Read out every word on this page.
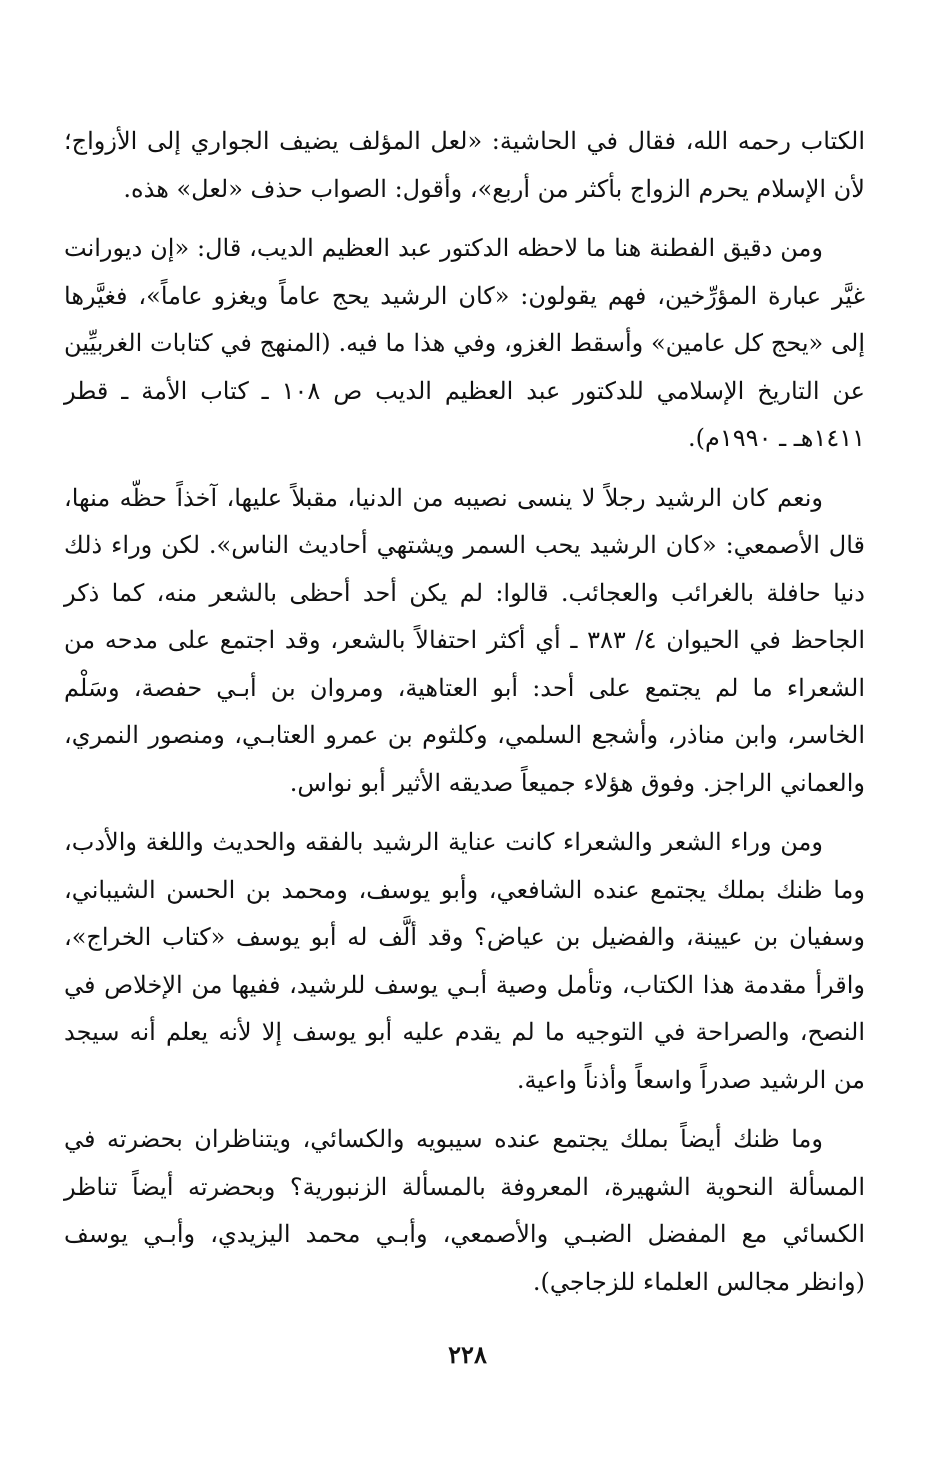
الكتاب رحمه الله، فقال في الحاشية: «لعل المؤلف يضيف الجواري إلى الأزواج؛ لأن الإسلام يحرم الزواج بأكثر من أربع»، وأقول: الصواب حذف «لعل» هذه.

ومن دقيق الفطنة هنا ما لاحظه الدكتور عبد العظيم الديب، قال: «إن ديورانت غيَّر عبارة المؤرِّخين، فهم يقولون: «كان الرشيد يحج عاماً ويغزو عاماً»، فغيَّرها إلى «يحج كل عامين» وأسقط الغزو، وفي هذا ما فيه. (المنهج في كتابات الغربيِّين عن التاريخ الإسلامي للدكتور عبد العظيم الديب ص ١٠٨ ـ كتاب الأمة ـ قطر ١٤١١هـ ـ ١٩٩٠م).

ونعم كان الرشيد رجلاً لا ينسى نصيبه من الدنيا، مقبلاً عليها، آخذاً حظّه منها، قال الأصمعي: «كان الرشيد يحب السمر ويشتهي أحاديث الناس». لكن وراء ذلك دنيا حافلة بالغرائب والعجائب. قالوا: لم يكن أحد أحظى بالشعر منه، كما ذكر الجاحظ في الحيوان ٤/ ٣٨٣ ـ أي أكثر احتفالاً بالشعر، وقد اجتمع على مدحه من الشعراء ما لم يجتمع على أحد: أبو العتاهية، ومروان بن أبـي حفصة، وسَلْم الخاسر، وابن مناذر، وأشجع السلمي، وكلثوم بن عمرو العتابـي، ومنصور النمري، والعماني الراجز. وفوق هؤلاء جميعاً صديقه الأثير أبو نواس.

ومن وراء الشعر والشعراء كانت عناية الرشيد بالفقه والحديث واللغة والأدب، وما ظنك بملك يجتمع عنده الشافعي، وأبو يوسف، ومحمد بن الحسن الشيباني، وسفيان بن عيينة، والفضيل بن عياض؟ وقد ألَّف له أبو يوسف «كتاب الخراج»، واقرأ مقدمة هذا الكتاب، وتأمل وصية أبـي يوسف للرشيد، ففيها من الإخلاص في النصح، والصراحة في التوجيه ما لم يقدم عليه أبو يوسف إلا لأنه يعلم أنه سيجد من الرشيد صدراً واسعاً وأذناً واعية.

وما ظنك أيضاً بملك يجتمع عنده سيبويه والكسائي، ويتناظران بحضرته في المسألة النحوية الشهيرة، المعروفة بالمسألة الزنبورية؟ وبحضرته أيضاً تناظر الكسائي مع المفضل الضبـي والأصمعي، وأبـي محمد اليزيدي، وأبـي يوسف (وانظر مجالس العلماء للزجاجي).

٢٢٨
